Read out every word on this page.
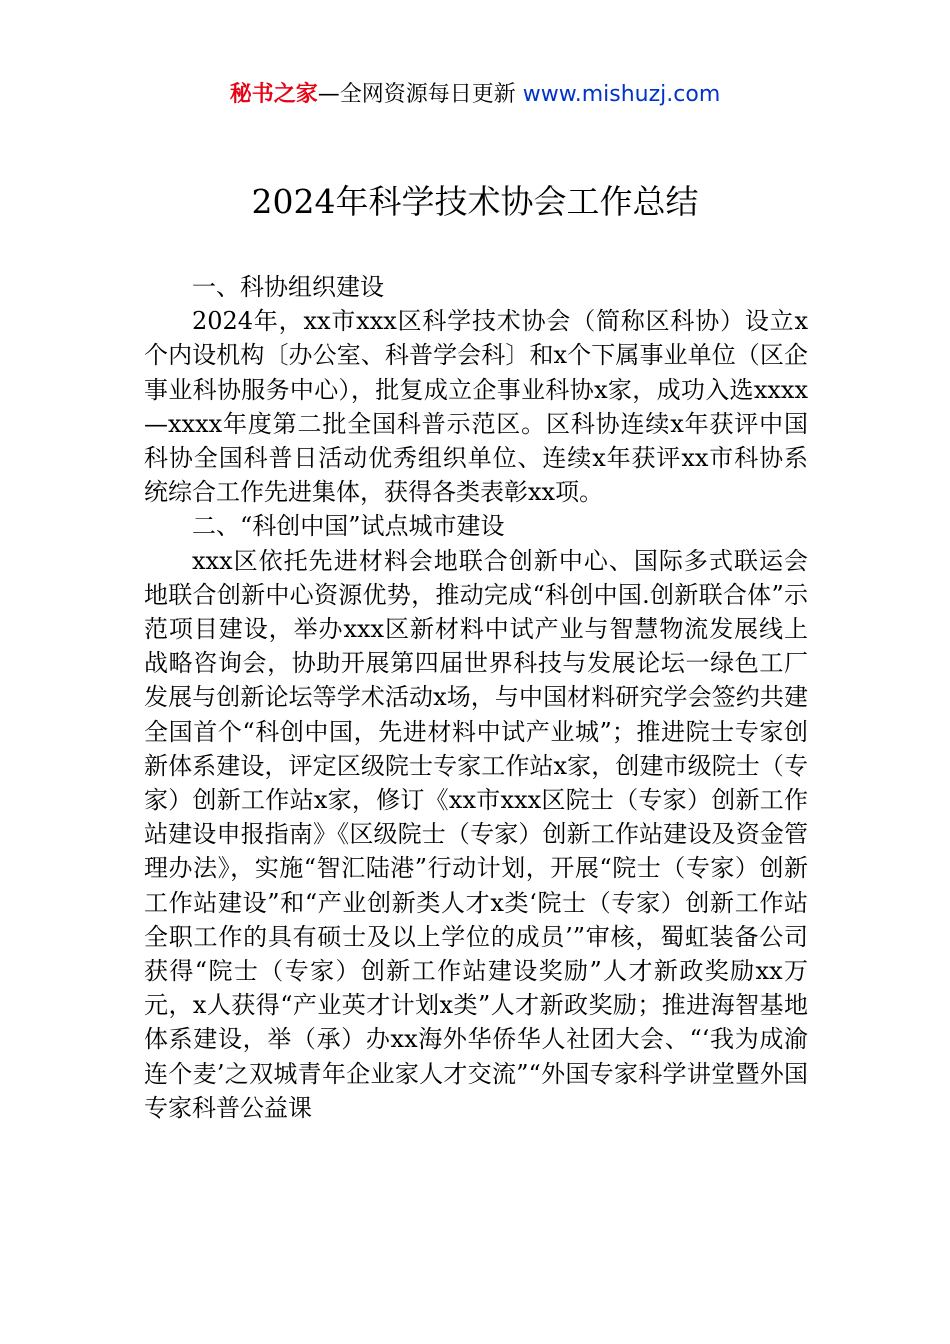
秘书之家—全网资源每日更新 www.mishuzj.com
2024年科学技术协会工作总结

一、科协组织建设

2024年，xx市xxx区科学技术协会（简称区科协）设立x个内设机构〔办公室、科普学会科〕和x个下属事业单位（区企事业科协服务中心），批复成立企事业科协x家，成功入选xxxx—xxxx年度第二批全国科普示范区。区科协连续x年获评中国科协全国科普日活动优秀组织单位、连续x年获评xx市科协系统综合工作先进集体，获得各类表彰xx项。

二、“科创中国”试点城市建设

xxx区依托先进材料会地联合创新中心、国际多式联运会地联合创新中心资源优势，推动完成“科创中国.创新联合体”示范项目建设，举办xxx区新材料中试产业与智慧物流发展线上战略咨询会，协助开展第四届世界科技与发展论坛一绿色工厂发展与创新论坛等学术活动x场，与中国材料研究学会签约共建全国首个“科创中国，先进材料中试产业城”；推进院士专家创新体系建设，评定区级院士专家工作站x家，创建市级院士（专家）创新工作站x家，修订《xx市xxx区院士（专家）创新工作站建设申报指南》《区级院士（专家）创新工作站建设及资金管理办法》，实施“智汇陆港”行动计划，开展“院士（专家）创新工作站建设”和“产业创新类人才x类‘院士（专家）创新工作站全职工作的具有硕士及以上学位的成员’”审核，蜀虹装备公司获得“院士（专家）创新工作站建设奖励”人才新政奖励xx万元，x人获得“产业英才计划x类”人才新政奖励；推进海智基地体系建设，举（承）办xx海外华侨华人社团大会、“‘我为成渝连个麦’之双城青年企业家人才交流”“外国专家科学讲堂暨外国专家科普公益课
